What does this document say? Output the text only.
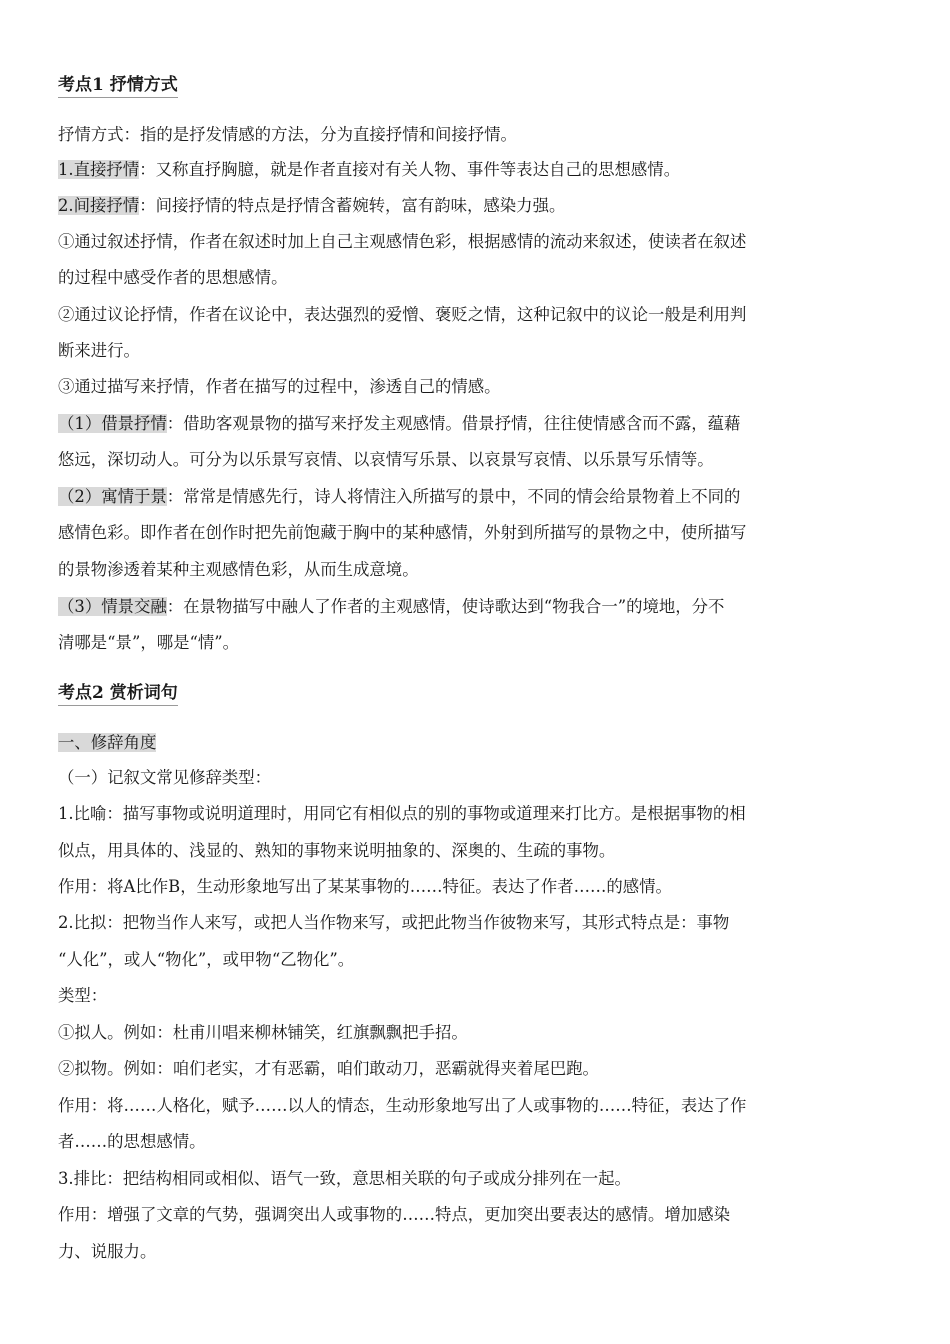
考点1 抒情方式
抒情方式：指的是抒发情感的方法，分为直接抒情和间接抒情。
1.直接抒情：又称直抒胸臆，就是作者直接对有关人物、事件等表达自己的思想感情。
2.间接抒情：间接抒情的特点是抒情含蓄婉转，富有韵味，感染力强。
①通过叙述抒情，作者在叙述时加上自己主观感情色彩，根据感情的流动来叙述，使读者在叙述
的过程中感受作者的思想感情。
②通过议论抒情，作者在议论中，表达强烈的爱憎、褒贬之情，这种记叙中的议论一般是利用判
断来进行。
③通过描写来抒情，作者在描写的过程中，渗透自己的情感。
（1）借景抒情：借助客观景物的描写来抒发主观感情。借景抒情，往往使情感含而不露，蕴藉
悠远，深切动人。可分为以乐景写哀情、以哀情写乐景、以哀景写哀情、以乐景写乐情等。
（2）寓情于景：常常是情感先行，诗人将情注入所描写的景中，不同的情会给景物着上不同的
感情色彩。即作者在创作时把先前饱藏于胸中的某种感情，外射到所描写的景物之中，使所描写
的景物渗透着某种主观感情色彩，从而生成意境。
（3）情景交融：在景物描写中融人了作者的主观感情，使诗歌达到“物我合一”的境地，分不
清哪是“景”，哪是“情”。
考点2 赏析词句
一、修辞角度
（一）记叙文常见修辞类型：
1.比喻：描写事物或说明道理时，用同它有相似点的别的事物或道理来打比方。是根据事物的相
似点，用具体的、浅显的、熟知的事物来说明抽象的、深奥的、生疏的事物。
作用：将A比作B，生动形象地写出了某某事物的……特征。表达了作者……的感情。
2.比拟：把物当作人来写，或把人当作物来写，或把此物当作彼物来写，其形式特点是：事物
“人化”，或人“物化”，或甲物“乙物化”。
类型：
①拟人。例如：杜甫川唱来柳林铺笑，红旗飘飘把手招。
②拟物。例如：咱们老实，才有恶霸，咱们敢动刀，恶霸就得夹着尾巴跑。
作用：将……人格化，赋予……以人的情态，生动形象地写出了人或事物的……特征，表达了作
者……的思想感情。
3.排比：把结构相同或相似、语气一致，意思相关联的句子或成分排列在一起。
作用：增强了文章的气势，强调突出人或事物的……特点，更加突出要表达的感情。增加感染
力、说服力。
